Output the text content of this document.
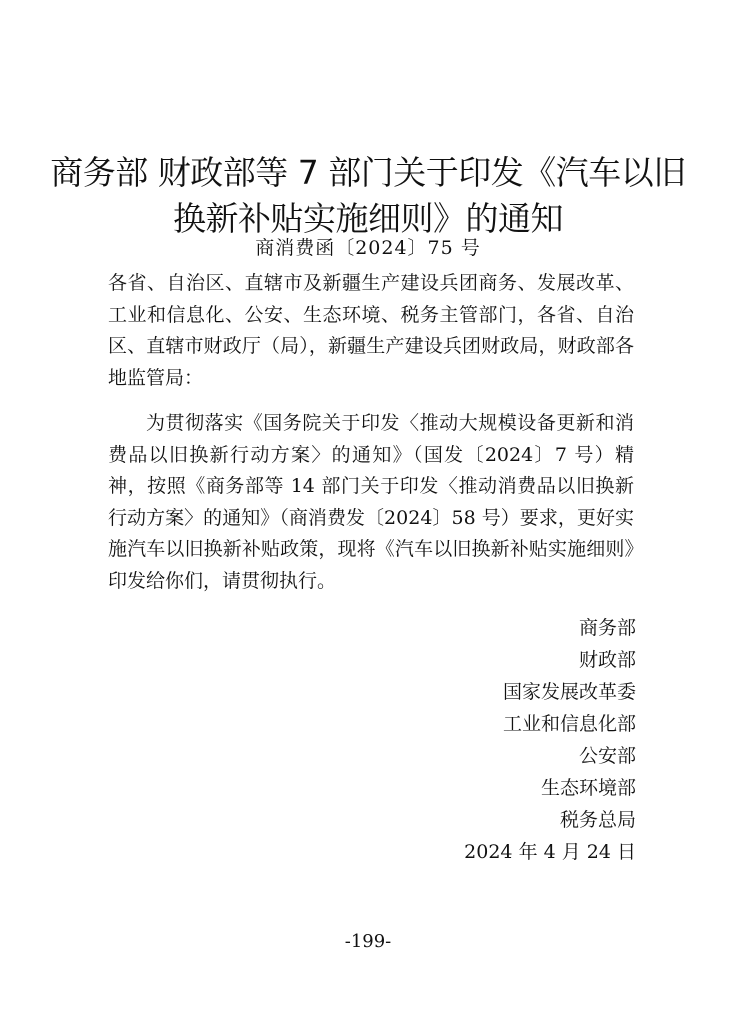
商务部 财政部等 7 部门关于印发《汽车以旧换新补贴实施细则》的通知
商消费函〔2024〕75 号

各省、自治区、直辖市及新疆生产建设兵团商务、发展改革、工业和信息化、公安、生态环境、税务主管部门，各省、自治区、直辖市财政厅（局），新疆生产建设兵团财政局，财政部各地监管局：

为贯彻落实《国务院关于印发〈推动大规模设备更新和消费品以旧换新行动方案〉的通知》（国发〔2024〕7 号）精神，按照《商务部等 14 部门关于印发〈推动消费品以旧换新行动方案〉的通知》（商消费发〔2024〕58 号）要求，更好实施汽车以旧换新补贴政策，现将《汽车以旧换新补贴实施细则》印发给你们，请贯彻执行。

商务部
财政部
国家发展改革委
工业和信息化部
公安部
生态环境部
税务总局
2024 年 4 月 24 日
-199-
